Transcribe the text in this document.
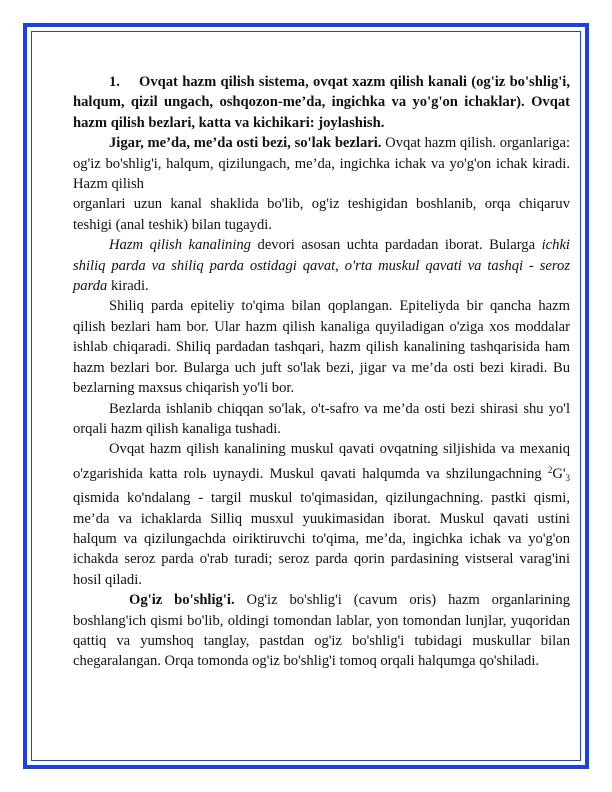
1. Ovqat hazm qilish sistema, ovqat xazm qilish kanali (og'iz bo'shlig'i, halqum, qizil ungach, oshqozon-me’da, ingichka va yo'g'on ichaklar). Ovqat hazm qilish bezlari, katta va kichikari: joylashish.

Jigar, me’da, me’da osti bezi, so'lak bezlari. Ovqat hazm qilish. organlariga: og'iz bo'shlig'i, halqum, qizilungach, me’da, ingichka ichak va yo'g'on ichak kiradi. Hazm qilish

organlari uzun kanal shaklida bo'lib, og'iz teshigidan boshlanib, orqa chiqaruv teshigi (anal teshik) bilan tugaydi.

Hazm qilish kanalining devori asosan uchta pardadan iborat. Bularga ichki shiliq parda va shiliq parda ostidagi qavat, o'rta muskul qavati va tashqi - seroz parda kiradi.

Shiliq parda epiteliy to'qima bilan qoplangan. Epiteliyda bir qancha hazm qilish bezlari ham bor. Ular hazm qilish kanaliga quyiladigan o'ziga xos moddalar ishlab chiqaradi. Shiliq pardadan tashqari, hazm qilish kanalining tashqarisida ham hazm bezlari bor. Bularga uch juft so'lak bezi, jigar va me’da osti bezi kiradi. Bu bezlarning maxsus chiqarish yo'li bor.

Bezlarda ishlanib chiqqan so'lak, o't-safro va me’da osti bezi shirasi shu yo'l orqali hazm qilish kanaliga tushadi.

Ovqat hazm qilish kanalining muskul qavati ovqatning siljishida va mexaniq o'zgarishida katta rolь uynaydi. Muskul qavati halqumda va shzilungachning $^2G'_3$ qismida ko'ndalang - targil muskul to'qimasidan, qizilungachning. pastki qismi, me’da va ichaklarda Silliq musxul yuukimasidan iborat. Muskul qavati ustini halqum va qizilungachda oiriktiruvchi to'qima, me’da, ingichka ichak va yo'g'on ichakda seroz parda o'rab turadi; seroz parda qorin pardasining vistseral varag'ini hosil qiladi.

Og'iz bo'shlig'i. Og'iz bo'shlig'i (cavum oris) hazm organlarining boshlang'ich qismi bo'lib, oldingi tomondan lablar, yon tomondan lunjlar, yuqoridan qattiq va yumshoq tanglay, pastdan og'iz bo'shlig'i tubidagi muskullar bilan chegaralangan. Orqa tomonda og'iz bo'shlig'i tomoq orqali halqumga qo'shiladi.
